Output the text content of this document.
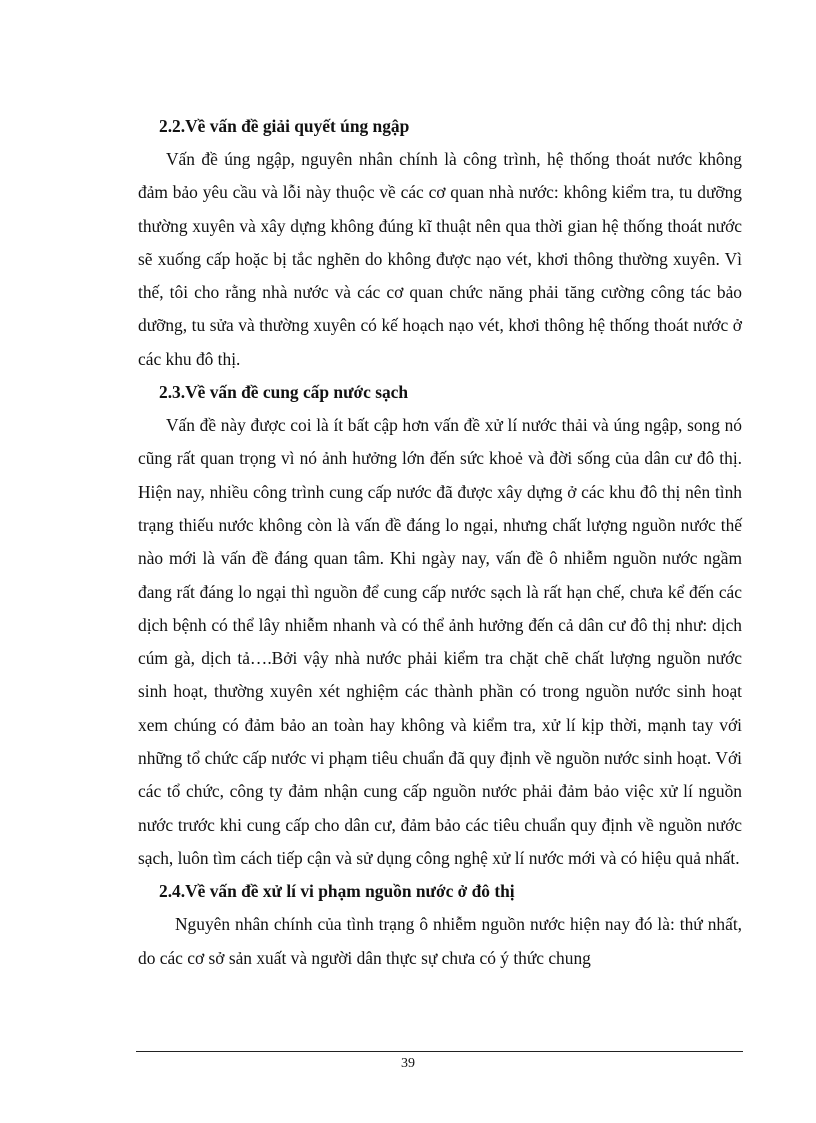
2.2.Về vấn đề giải quyết úng ngập

Vấn đề úng ngập, nguyên nhân chính là công trình, hệ thống thoát nước không đảm bảo yêu cầu và lỗi này thuộc về các cơ quan nhà nước: không kiểm tra, tu dưỡng thường xuyên và xây dựng không đúng kĩ thuật nên qua thời gian hệ thống thoát nước sẽ xuống cấp hoặc bị tắc nghẽn do không được nạo vét, khơi thông thường xuyên. Vì thế, tôi cho rằng nhà nước và các cơ quan chức năng phải tăng cường công tác bảo dưỡng, tu sửa và thường xuyên có kế hoạch nạo vét, khơi thông hệ thống thoát nước ở các khu đô thị.

2.3.Về vấn đề cung cấp nước sạch

Vấn đề này được coi là ít bất cập hơn vấn đề xử lí nước thải và úng ngập, song nó cũng rất quan trọng vì nó ảnh hưởng lớn đến sức khoẻ và đời sống của dân cư đô thị. Hiện nay, nhiều công trình cung cấp nước đã được xây dựng ở các khu đô thị nên tình trạng thiếu nước không còn là vấn đề đáng lo ngại, nhưng chất lượng nguồn nước thế nào mới là vấn đề đáng quan tâm. Khi ngày nay, vấn đề ô nhiễm nguồn nước ngầm đang rất đáng lo ngại thì nguồn để cung cấp nước sạch là rất hạn chế, chưa kể đến các dịch bệnh có thể lây nhiễm nhanh và có thể ảnh hưởng đến cả dân cư đô thị như: dịch cúm gà, dịch tả….Bởi vậy nhà nước phải kiểm tra chặt chẽ chất lượng nguồn nước sinh hoạt, thường xuyên xét nghiệm các thành phần có trong nguồn nước sinh hoạt xem chúng có đảm bảo an toàn hay không và kiểm tra, xử lí kịp thời, mạnh tay với những tổ chức cấp nước vi phạm tiêu chuẩn đã quy định về nguồn nước sinh hoạt. Với các tổ chức, công ty đảm nhận cung cấp nguồn nước phải đảm bảo việc xử lí nguồn nước trước khi cung cấp cho dân cư, đảm bảo các tiêu chuẩn quy định về nguồn nước sạch, luôn tìm cách tiếp cận và sử dụng công nghệ xử lí nước mới và có hiệu quả nhất.

2.4.Về vấn đề xử lí vi phạm nguồn nước ở đô thị

Nguyên nhân chính của tình trạng ô nhiễm nguồn nước hiện nay đó là: thứ nhất, do các cơ sở sản xuất và người dân thực sự chưa có ý thức chung

39
